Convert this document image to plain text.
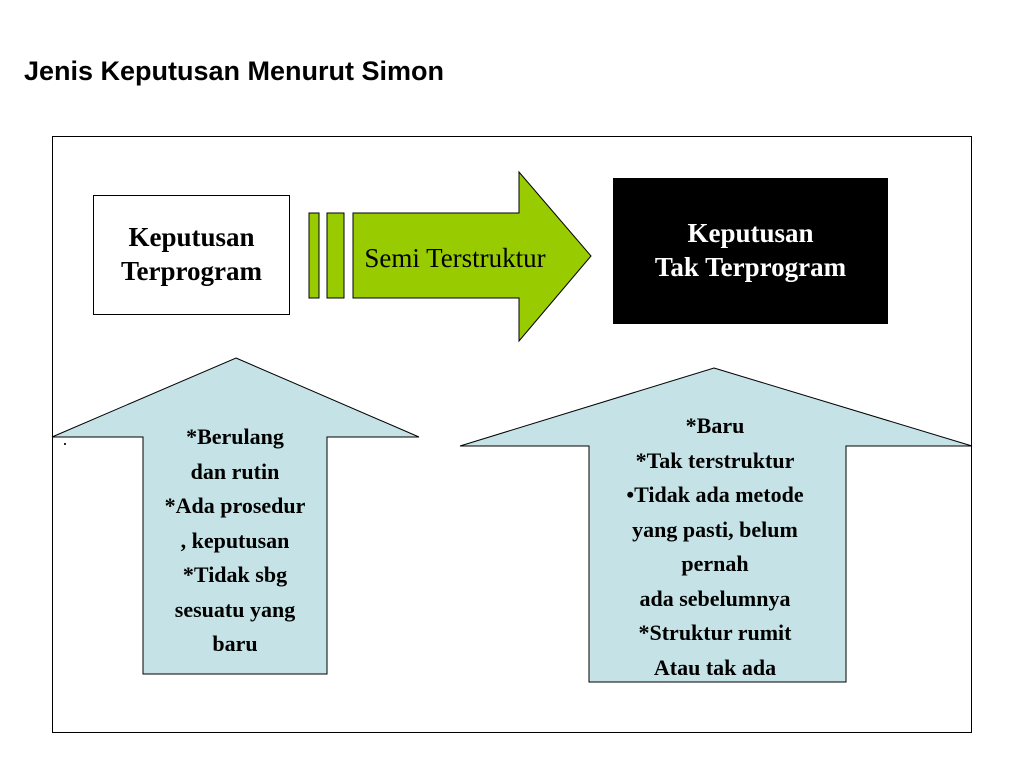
Jenis Keputusan Menurut Simon
Keputusan
Terprogram	Semi Terstruktur
Keputusan
Tak Terprogram
*Berulang
dan rutin
*Ada prosedur
, keputusan
*Tidak sbg
sesuatu yang
baru
*Baru
*Tak terstruktur
•Tidak ada metode
yang pasti, belum
pernah
ada sebelumnya
*Struktur rumit
Atau tak ada
·
